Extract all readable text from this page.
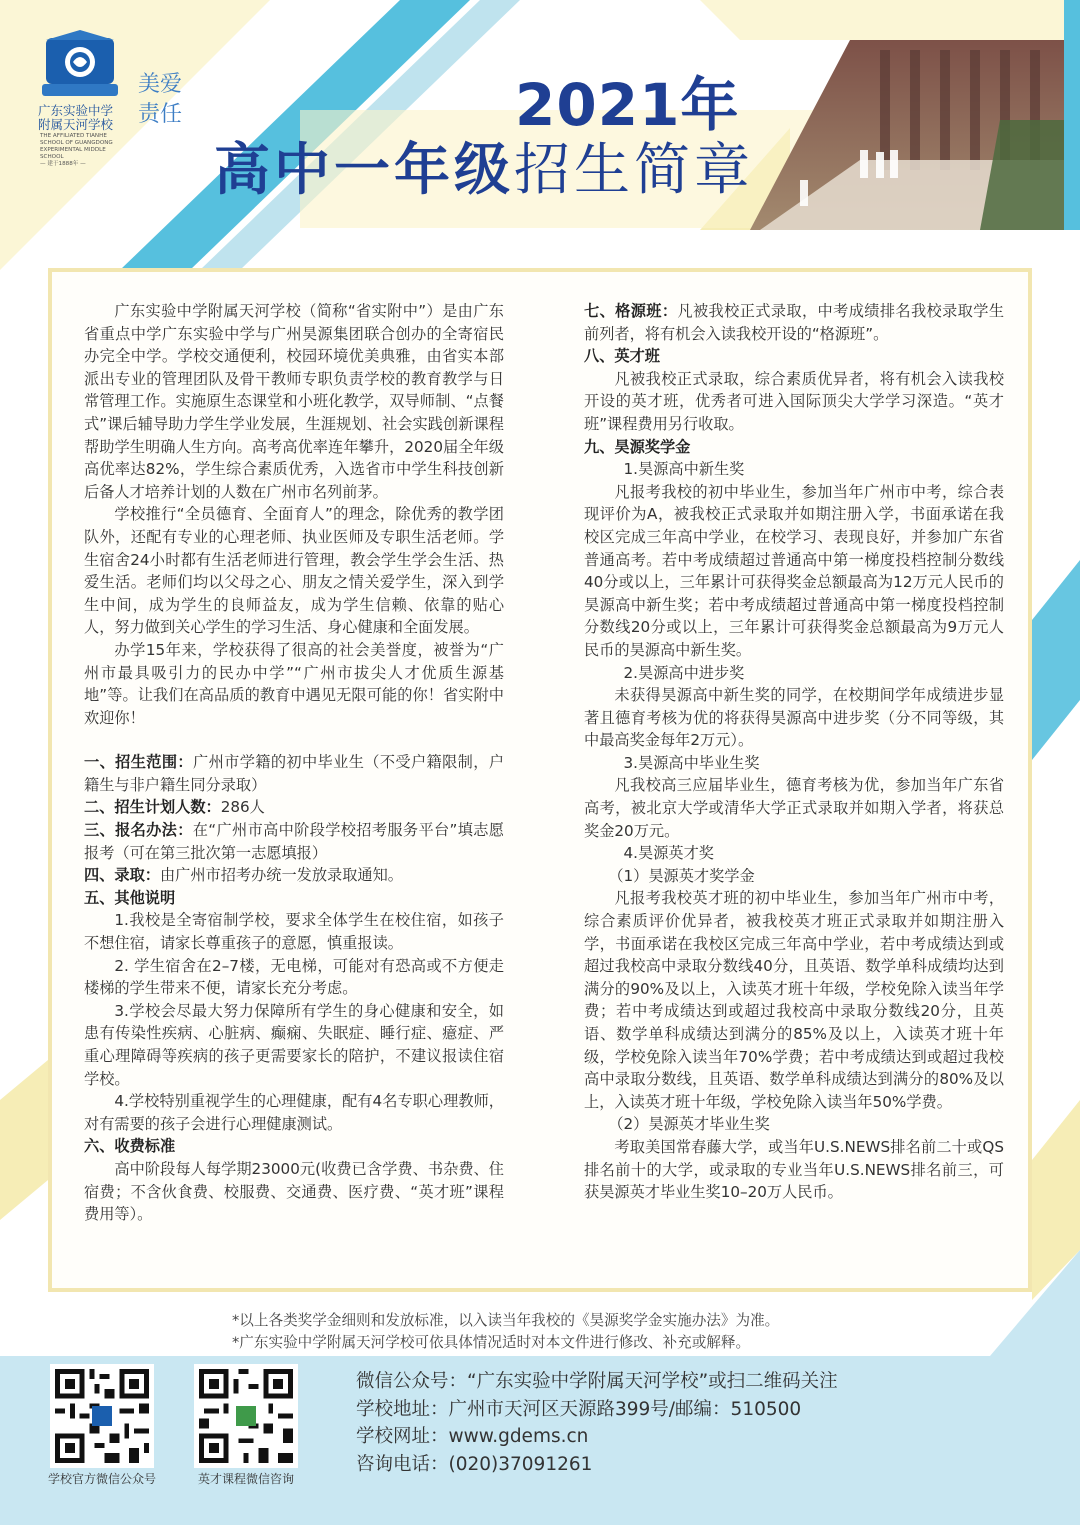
广东实验中学
附属天河学校
THE AFFILIATED TIANHE
SCHOOL OF GUANGDONG
EXPERIMENTAL MIDDLE SCHOOL
— 建于1888年 —
美爱
责任	2021年
高中一年级招生简章

广东实验中学附属天河学校（简称“省实附中”）是由广东省重点中学广东实验中学与广州昊源集团联合创办的全寄宿民办完全中学。学校交通便利，校园环境优美典雅，由省实本部派出专业的管理团队及骨干教师专职负责学校的教育教学与日常管理工作。实施原生态课堂和小班化教学，双导师制、“点餐式”课后辅导助力学生学业发展，生涯规划、社会实践创新课程帮助学生明确人生方向。高考高优率连年攀升，2020届全年级高优率达82%，学生综合素质优秀，入选省市中学生科技创新后备人才培养计划的人数在广州市名列前茅。

学校推行“全员德育、全面育人”的理念，除优秀的教学团队外，还配有专业的心理老师、执业医师及专职生活老师。学生宿舍24小时都有生活老师进行管理，教会学生学会生活、热爱生活。老师们均以父母之心、朋友之情关爱学生，深入到学生中间，成为学生的良师益友，成为学生信赖、依靠的贴心人，努力做到关心学生的学习生活、身心健康和全面发展。

办学15年来，学校获得了很高的社会美誉度，被誉为“广州市最具吸引力的民办中学”“广州市拔尖人才优质生源基地”等。让我们在高品质的教育中遇见无限可能的你！省实附中欢迎你！

一、招生范围：广州市学籍的初中毕业生（不受户籍限制，户籍生与非户籍生同分录取）

二、招生计划人数：286人

三、报名办法：在“广州市高中阶段学校招考服务平台”填志愿报考（可在第三批次第一志愿填报）

四、录取：由广州市招考办统一发放录取通知。

五、其他说明

1.我校是全寄宿制学校，要求全体学生在校住宿，如孩子不想住宿，请家长尊重孩子的意愿，慎重报读。

2. 学生宿舍在2–7楼，无电梯，可能对有恐高或不方便走楼梯的学生带来不便，请家长充分考虑。

3.学校会尽最大努力保障所有学生的身心健康和安全，如患有传染性疾病、心脏病、癫痫、失眠症、睡行症、癔症、严重心理障碍等疾病的孩子更需要家长的陪护，不建议报读住宿学校。

4.学校特别重视学生的心理健康，配有4名专职心理教师，对有需要的孩子会进行心理健康测试。

六、收费标准

高中阶段每人每学期23000元(收费已含学费、书杂费、住宿费；不含伙食费、校服费、交通费、医疗费、“英才班”课程费用等）。

七、格源班：凡被我校正式录取，中考成绩排名我校录取学生前列者，将有机会入读我校开设的“格源班”。

八、英才班

凡被我校正式录取，综合素质优异者，将有机会入读我校开设的英才班，优秀者可进入国际顶尖大学学习深造。“英才班”课程费用另行收取。

九、昊源奖学金

1.昊源高中新生奖

凡报考我校的初中毕业生，参加当年广州市中考，综合表现评价为A，被我校正式录取并如期注册入学，书面承诺在我校区完成三年高中学业，在校学习、表现良好，并参加广东省普通高考。若中考成绩超过普通高中第一梯度投档控制分数线40分或以上，三年累计可获得奖金总额最高为12万元人民币的昊源高中新生奖；若中考成绩超过普通高中第一梯度投档控制分数线20分或以上，三年累计可获得奖金总额最高为9万元人民币的昊源高中新生奖。

2.昊源高中进步奖

未获得昊源高中新生奖的同学，在校期间学年成绩进步显著且德育考核为优的将获得昊源高中进步奖（分不同等级，其中最高奖金每年2万元）。

3.昊源高中毕业生奖

凡我校高三应届毕业生，德育考核为优，参加当年广东省高考，被北京大学或清华大学正式录取并如期入学者，将获总奖金20万元。

4.昊源英才奖

（1）昊源英才奖学金

凡报考我校英才班的初中毕业生，参加当年广州市中考，综合素质评价优异者，被我校英才班正式录取并如期注册入学，书面承诺在我校区完成三年高中学业，若中考成绩达到或超过我校高中录取分数线40分，且英语、数学单科成绩均达到满分的90%及以上，入读英才班十年级，学校免除入读当年学费；若中考成绩达到或超过我校高中录取分数线20分，且英语、数学单科成绩达到满分的85%及以上，入读英才班十年级，学校免除入读当年70%学费；若中考成绩达到或超过我校高中录取分数线，且英语、数学单科成绩达到满分的80%及以上，入读英才班十年级，学校免除入读当年50%学费。

（2）昊源英才毕业生奖

考取美国常春藤大学，或当年U.S.NEWS排名前二十或QS排名前十的大学，或录取的专业当年U.S.NEWS排名前三，可获昊源英才毕业生奖10–20万人民币。

*以上各类奖学金细则和发放标准，以入读当年我校的《昊源奖学金实施办法》为准。
*广东实验中学附属天河学校可依具体情况适时对本文件进行修改、补充或解释。
学校官方微信公众号	英才课程微信咨询
微信公众号：“广东实验中学附属天河学校”或扫二维码关注
学校地址：广州市天河区天源路399号/邮编：510500
学校网址：www.gdems.cn
咨询电话：(020)37091261
